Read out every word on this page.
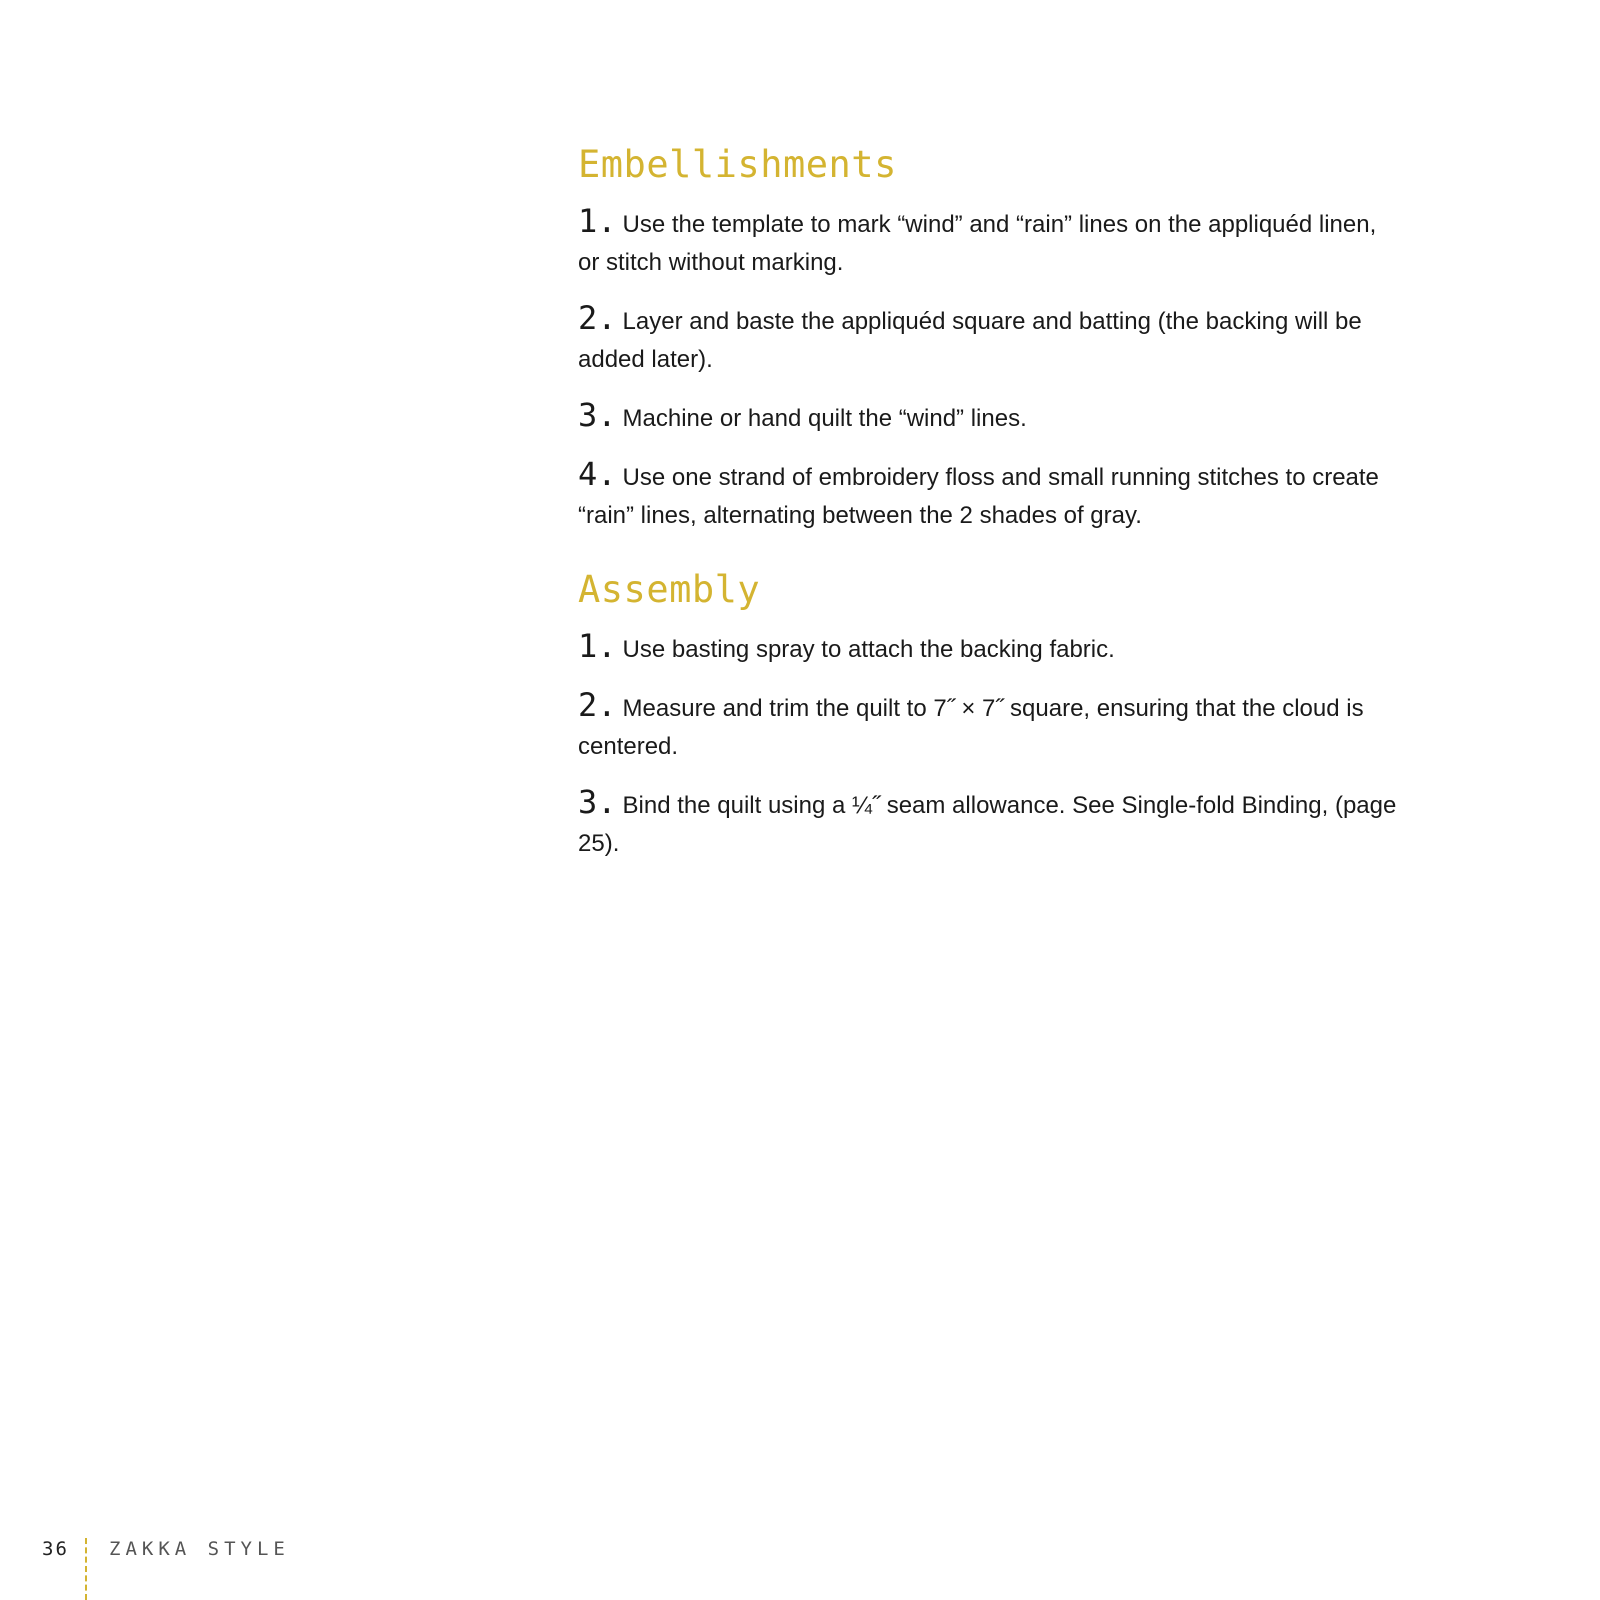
Embellishments

1. Use the template to mark “wind” and “rain” lines on the appliquéd linen, or stitch without marking.

2. Layer and baste the appliquéd square and batting (the backing will be added later).

3. Machine or hand quilt the “wind” lines.

4. Use one strand of embroidery floss and small running stitches to create “rain” lines, alternating between the 2 shades of gray.

Assembly

1. Use basting spray to attach the backing fabric.

2. Measure and trim the quilt to 7˝ × 7˝ square, ensuring that the cloud is centered.

3. Bind the quilt using a ¼˝ seam allowance. See Single-fold Binding, (page 25).

36 ZAKKA STYLE
